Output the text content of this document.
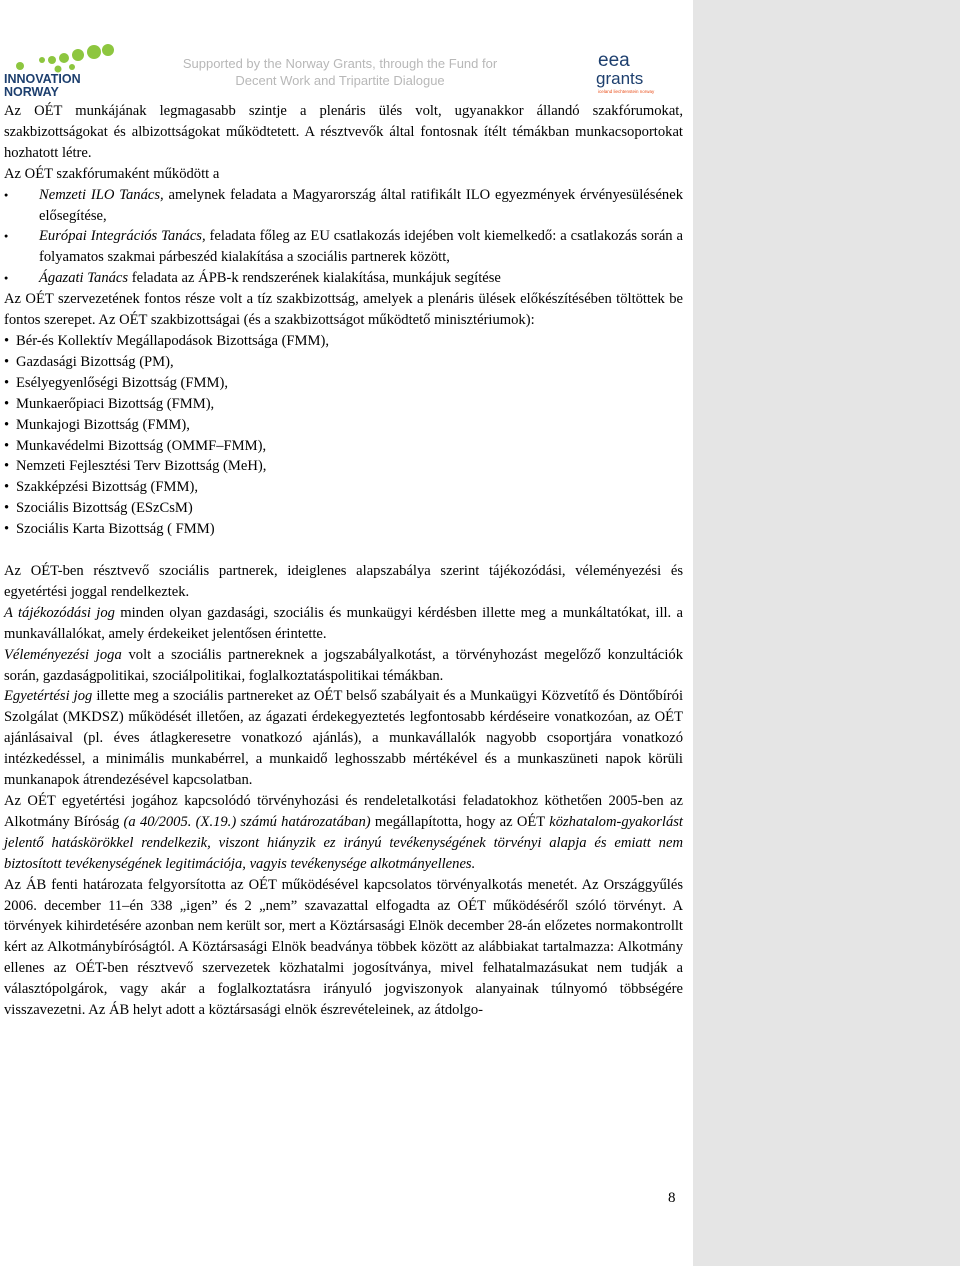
INNOVATION
NORWAY
Supported by the Norway Grants, through the Fund for
Decent Work and Tripartite Dialogue
eea
grants
iceland liechtenstein norway

Az OÉT munkájának legmagasabb szintje a plenáris ülés volt, ugyanakkor állandó szakfórumokat, szakbizottságokat és albizottságokat működtetett. A résztvevők által fontosnak ítélt témákban munkacsoportokat hozhatott létre.

Az OÉT szakfórumaként működött a

● Nemzeti ILO Tanács, amelynek feladata a Magyarország által ratifikált ILO egyezmények érvényesülésének elősegítése,
● Európai Integrációs Tanács, feladata főleg az EU csatlakozás idejében volt kiemelkedő: a csatlakozás során a folyamatos szakmai párbeszéd kialakítása a szociális partnerek között,
● Ágazati Tanács feladata az ÁPB-k rendszerének kialakítása, munkájuk segítése

Az OÉT szervezetének fontos része volt a tíz szakbizottság, amelyek a plenáris ülések előkészítésében töltöttek be fontos szerepet. Az OÉT szakbizottságai (és a szakbizottságot működtető minisztériumok):

• Bér-és Kollektív Megállapodások Bizottsága (FMM),
• Gazdasági Bizottság (PM),
• Esélyegyenlőségi Bizottság (FMM),
• Munkaerőpiaci Bizottság (FMM),
• Munkajogi Bizottság (FMM),
• Munkavédelmi Bizottság (OMMF–FMM),
• Nemzeti Fejlesztési Terv Bizottság (MeH),
• Szakképzési Bizottság (FMM),
• Szociális Bizottság (ESzCsM)
• Szociális Karta Bizottság ( FMM)

Az OÉT-ben résztvevő szociális partnerek, ideiglenes alapszabálya szerint tájékozódási, véleményezési és egyetértési joggal rendelkeztek.

A tájékozódási jog minden olyan gazdasági, szociális és munkaügyi kérdésben illette meg a munkáltatókat, ill. a munkavállalókat, amely érdekeiket jelentősen érintette.

Véleményezési joga volt a szociális partnereknek a jogszabályalkotást, a törvényhozást megelőző konzultációk során, gazdaságpolitikai, szociálpolitikai, foglalkoztatáspolitikai témákban.

Egyetértési jog illette meg a szociális partnereket az OÉT belső szabályait és a Munkaügyi Közvetítő és Döntőbírói Szolgálat (MKDSZ) működését illetően, az ágazati érdekegyeztetés legfontosabb kérdéseire vonatkozóan, az OÉT ajánlásaival (pl. éves átlagkeresetre vonatkozó ajánlás), a munkavállalók nagyobb csoportjára vonatkozó intézkedéssel, a minimális munkabérrel, a munkaidő leghosszabb mértékével és a munkaszüneti napok körüli munkanapok átrendezésével kapcsolatban.

Az OÉT egyetértési jogához kapcsolódó törvényhozási és rendeletalkotási feladatokhoz köthetően 2005-ben az Alkotmány Bíróság (a 40/2005. (X.19.) számú határozatában) megállapította, hogy az OÉT közhatalom-gyakorlást jelentő hatáskörökkel rendelkezik, viszont hiányzik ez irányú tevékenységének törvényi alapja és emiatt nem biztosított tevékenységének legitimációja, vagyis tevékenysége alkotmányellenes.

Az ÁB fenti határozata felgyorsította az OÉT működésével kapcsolatos törvényalkotás menetét. Az Országgyűlés 2006. december 11–én 338 „igen” és 2 „nem” szavazattal elfogadta az OÉT működéséről szóló törvényt. A törvények kihirdetésére azonban nem került sor, mert a Köztársasági Elnök december 28-án előzetes normakontrollt kért az Alkotmánybíróságtól. A Köztársasági Elnök beadványa többek között az alábbiakat tartalmazza: Alkotmány ellenes az OÉT-ben résztvevő szervezetek közhatalmi jogosítványa, mivel felhatalmazásukat nem tudják a választópolgárok, vagy akár a foglalkoztatásra irányuló jogviszonyok alanyainak túlnyomó többségére visszavezetni. Az ÁB helyt adott a köztársasági elnök észrevételeinek, az átdolgo-

8
